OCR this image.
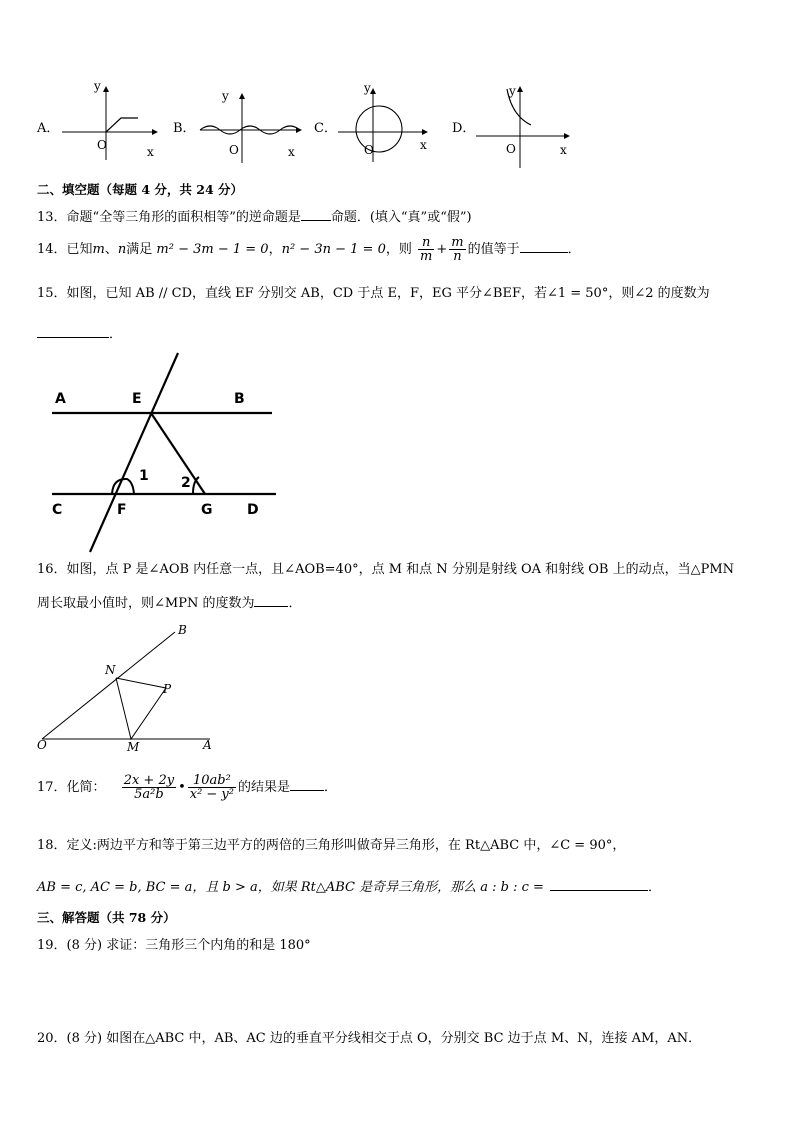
A．
y
O	x
B．
y
O	x
C．
y
O	x
D．
y
O	x
二、填空题（每题 4 分，共 24 分）
13．命题“全等三角形的面积相等”的逆命题是 命题．(填入“真”或“假”)
14．已知m、n满足 m² − 3m − 1 = 0，n² − 3n − 1 = 0，则 $\frac{n}{m} + \frac{m}{n}$ 的值等于	．
15．如图，已知 AB // CD，直线 EF 分别交 AB，CD 于点 E，F，EG 平分∠BEF，若∠1 = 50°，则∠2 的度数为
．
A	E	B
1 2
C	F	G D
16．如图，点 P 是∠AOB 内任意一点，且∠AOB=40°，点 M 和点 N 分别是射线 OA 和射线 OB 上的动点，当△PMN
周长取最小值时，则∠MPN 的度数为	．
B
N
P
O	M	A
17．化简： $\frac{2x + 2y}{\text{5a²b}}$ • $\frac{\text{10ab²}}{\text{x² − y²}}$ 的结果是	．
18．定义:两边平方和等于第三边平方的两倍的三角形叫做奇异三角形，在 Rt△ABC 中，∠C = 90°，
AB = c, AC = b, BC = a，且 b > a，如果 Rt△ABC 是奇异三角形，那么 a : b : c =	．
三、解答题（共 78 分）
19．(8 分) 求证：三角形三个内角的和是 180°
20．(8 分) 如图在△ABC 中，AB、AC 边的垂直平分线相交于点 O，分别交 BC 边于点 M、N，连接 AM，AN．
